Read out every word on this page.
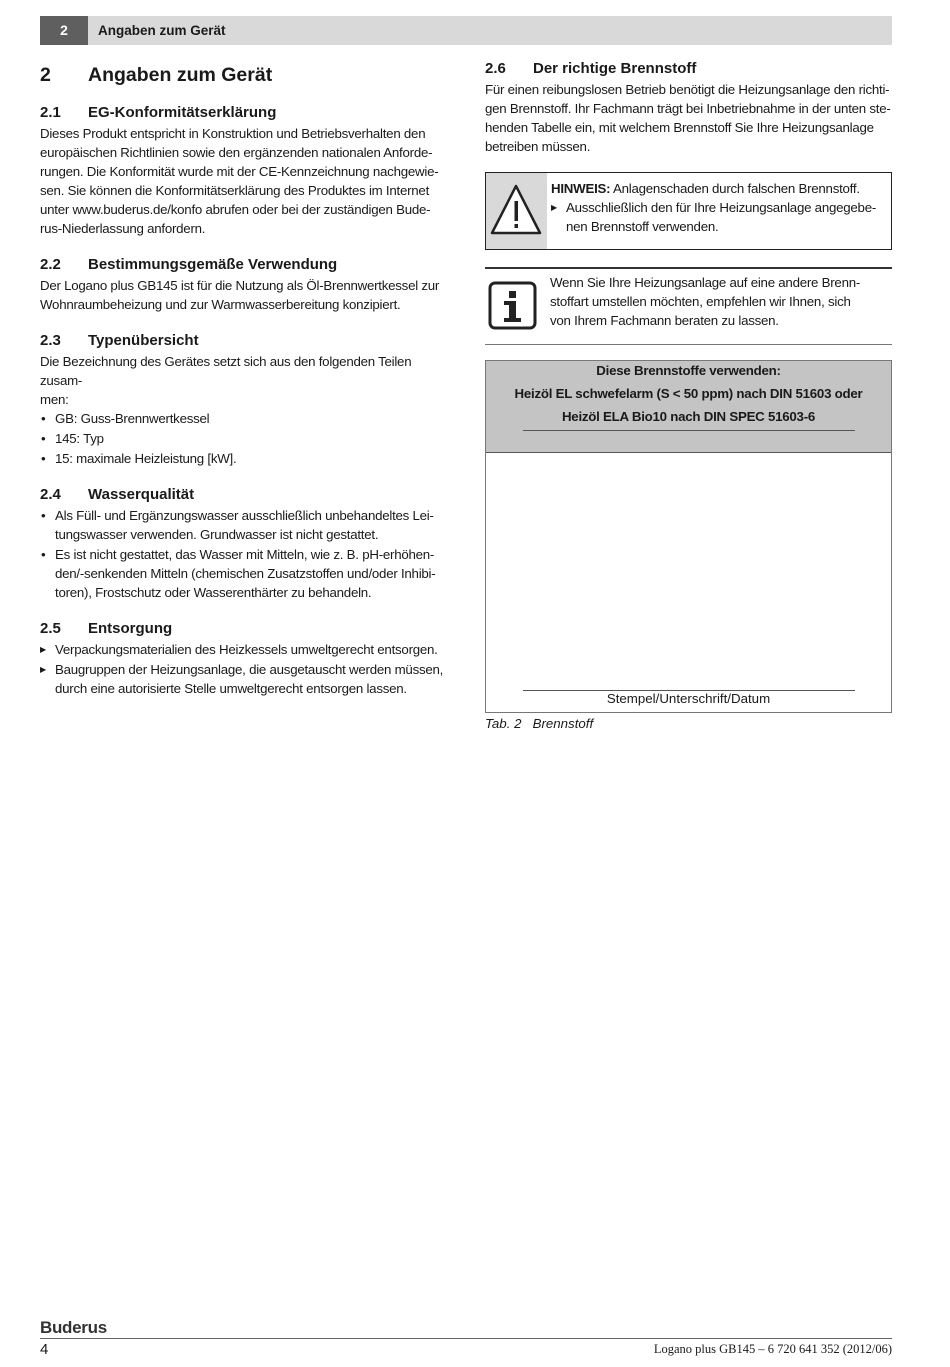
2	Angaben zum Gerät
2	Angaben zum Gerät
2.1	EG-Konformitätserklärung

Dieses Produkt entspricht in Konstruktion und Betriebsverhalten den
europäischen Richtlinien sowie den ergänzenden nationalen Anforde-
rungen. Die Konformität wurde mit der CE-Kennzeichnung nachgewie-
sen. Sie können die Konformitätserklärung des Produktes im Internet
unter www.buderus.de/konfo abrufen oder bei der zuständigen Bude-
rus-Niederlassung anfordern.

2.2	Bestimmungsgemäße Verwendung

Der Logano plus GB145 ist für die Nutzung als Öl-Brennwertkessel zur
Wohnraumbeheizung und zur Warmwasserbereitung konzipiert.

2.3	Typenübersicht

Die Bezeichnung des Gerätes setzt sich aus den folgenden Teilen zusam-
men:

• GB: Guss-Brennwertkessel
• 145: Typ
• 15: maximale Heizleistung [kW].
2.4	Wasserqualität
• Als Füll- und Ergänzungswasser ausschließlich unbehandeltes Lei-
tungswasser verwenden. Grundwasser ist nicht gestattet.
• Es ist nicht gestattet, das Wasser mit Mitteln, wie z. B. pH-erhöhen-
den/-senkenden Mitteln (chemischen Zusatzstoffen und/oder Inhibi-
toren), Frostschutz oder Wasserenthärter zu behandeln.
2.5	Entsorgung
▶ Verpackungsmaterialien des Heizkessels umweltgerecht entsorgen.
▶ Baugruppen der Heizungsanlage, die ausgetauscht werden müssen,
durch eine autorisierte Stelle umweltgerecht entsorgen lassen.
2.6	Der richtige Brennstoff

Für einen reibungslosen Betrieb benötigt die Heizungsanlage den richti-
gen Brennstoff. Ihr Fachmann trägt bei Inbetriebnahme in der unten ste-
henden Tabelle ein, mit welchem Brennstoff Sie Ihre Heizungsanlage
betreiben müssen.

HINWEIS: Anlagenschaden durch falschen Brennstoff.

▶ Ausschließlich den für Ihre Heizungsanlage angegebe-
nen Brennstoff verwenden.

Wenn Sie Ihre Heizungsanlage auf eine andere Brenn-
stoffart umstellen möchten, empfehlen wir Ihnen, sich
von Ihrem Fachmann beraten zu lassen.

Diese Brennstoffe verwenden:
Heizöl EL schwefelarm (S < 50 ppm) nach DIN 51603 oder
Heizöl ELA Bio10 nach DIN SPEC 51603-6
Stempel/Unterschrift/Datum
Tab. 2 Brennstoff
Buderus
4	Logano plus GB145 – 6 720 641 352 (2012/06)
